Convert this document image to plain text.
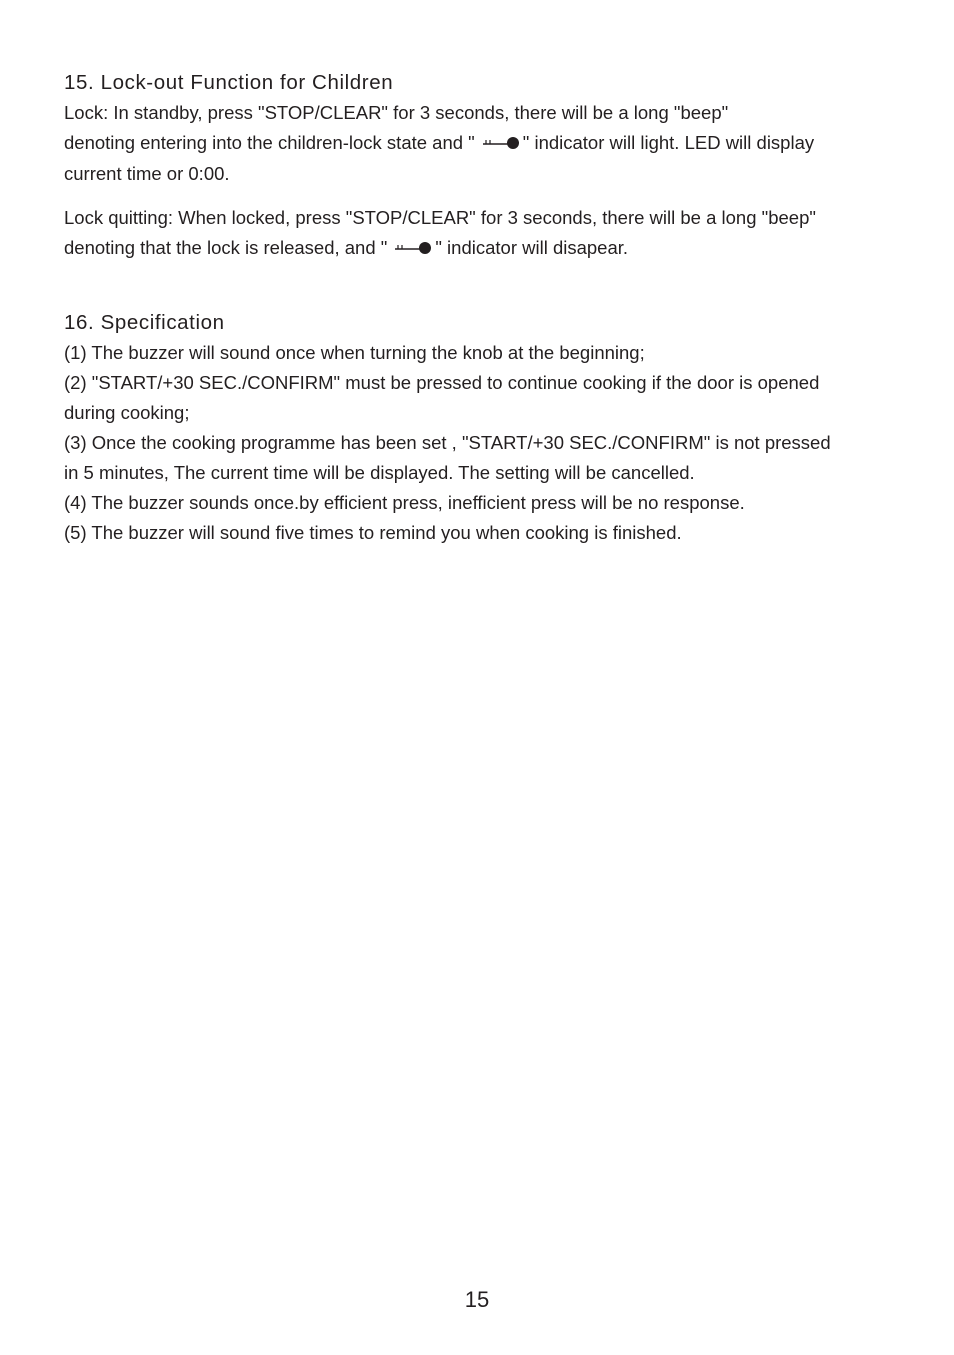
15. Lock-out Function for Children

Lock: In standby, press "STOP/CLEAR" for 3 seconds, there will be a long "beep"
denoting entering into the children-lock state and "	" indicator will light. LED will display
current time or 0:00.

Lock quitting: When locked, press "STOP/CLEAR" for 3 seconds, there will be a long "beep"
denoting that the lock is released, and "	" indicator will disapear.

16. Specification

(1) The buzzer will sound once when turning the knob at the beginning;
(2) "START/+30 SEC./CONFIRM" must be pressed to continue cooking if the door is opened
during cooking;
(3) Once the cooking programme has been set , "START/+30 SEC./CONFIRM" is not pressed
in 5 minutes, The current time will be displayed. The setting will be cancelled.
(4) The buzzer sounds once.by efficient press, inefficient press will be no response.
(5) The buzzer will sound five times to remind you when cooking is finished.

15
